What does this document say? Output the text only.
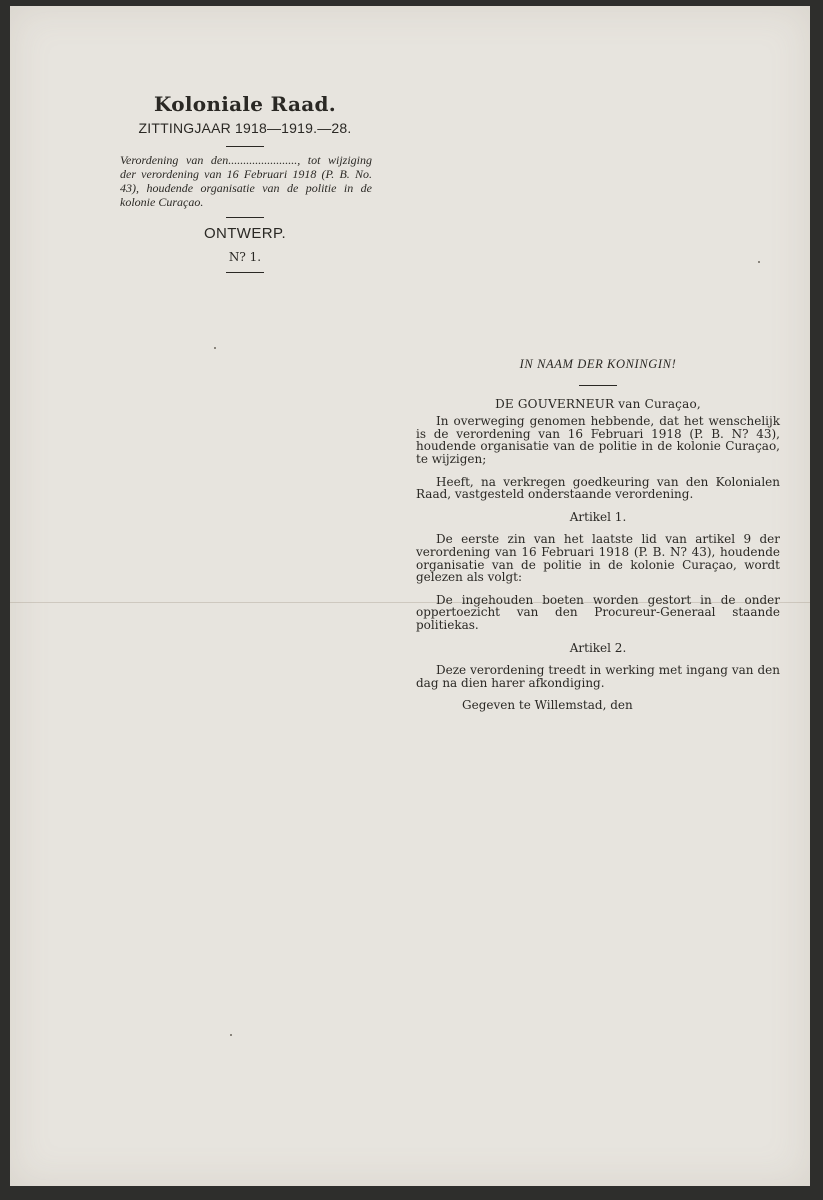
Koloniale Raad.
ZITTINGJAAR 1918—1919.—28.
Verordening van den......................., tot wijziging der verordening van 16 Februari 1918 (P. B. No. 43), houdende organisatie van de politie in de kolonie Curaçao.
ONTWERP.
N? 1.
IN NAAM DER KONINGIN!
DE GOUVERNEUR van Curaçao,

In overweging genomen hebbende, dat het wenschelijk is de verordening van 16 Februari 1918 (P. B. N? 43), houdende organisatie van de politie in de kolonie Curaçao, te wijzigen;

Heeft, na verkregen goedkeuring van den Kolonialen Raad, vastgesteld onderstaande verordening.

Artikel 1.

De eerste zin van het laatste lid van artikel 9 der verordening van 16 Februari 1918 (P. B. N? 43), houdende organisatie van de politie in de kolonie Curaçao, wordt gelezen als volgt:

De ingehouden boeten worden gestort in de onder oppertoezicht van den Procureur-Generaal staande politiekas.

Artikel 2.

Deze verordening treedt in werking met ingang van den dag na dien harer afkondiging.

Gegeven te Willemstad, den
